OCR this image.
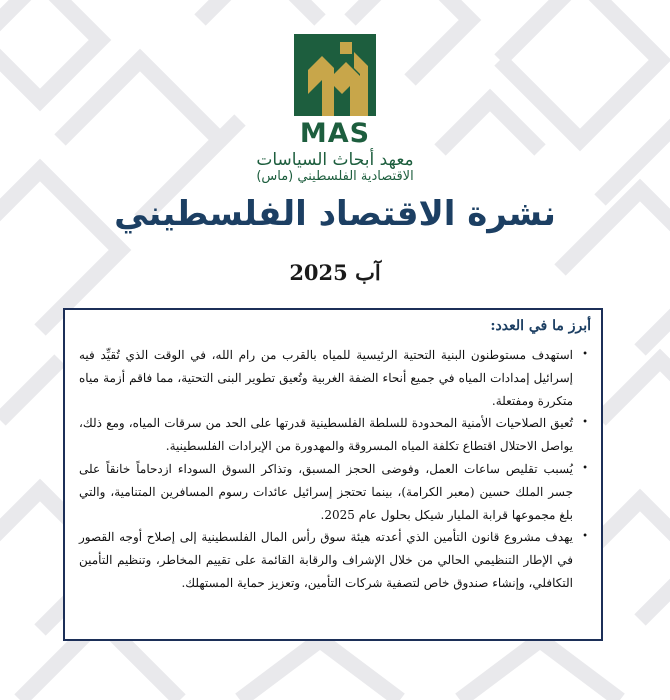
MAS
معهد أبحاث السياسات
الاقتصادية الفلسطيني (ماس)
نشرة الاقتصاد الفلسطيني
آب 2025
أبرز ما في العدد:
•
استهدف مستوطنون البنية التحتية الرئيسية للمياه بالقرب من رام الله، في الوقت الذي تُقيِّد فيه إسرائيل إمدادات المياه في جميع أنحاء الضفة الغربية وتُعيق تطوير البنى التحتية، مما فاقم أزمة مياه متكررة ومفتعلة.
•
تُعيق الصلاحيات الأمنية المحدودة للسلطة الفلسطينية قدرتها على الحد من سرقات المياه، ومع ذلك، يواصل الاحتلال اقتطاع تكلفة المياه المسروقة والمهدورة من الإيرادات الفلسطينية.
•
يُسبب تقليص ساعات العمل، وفوضى الحجز المسبق، وتذاكر السوق السوداء ازدحاماً خانقاً على جسر الملك حسين (معبر الكرامة)، بينما تحتجز إسرائيل عائدات رسوم المسافرين المتنامية، والتي بلغ مجموعها قرابة المليار شيكل بحلول عام 2025.
•
يهدف مشروع قانون التأمين الذي أعدته هيئة سوق رأس المال الفلسطينية إلى إصلاح أوجه القصور في الإطار التنظيمي الحالي من خلال الإشراف والرقابة القائمة على تقييم المخاطر، وتنظيم التأمين التكافلي، وإنشاء صندوق خاص لتصفية شركات التأمين، وتعزيز حماية المستهلك.
